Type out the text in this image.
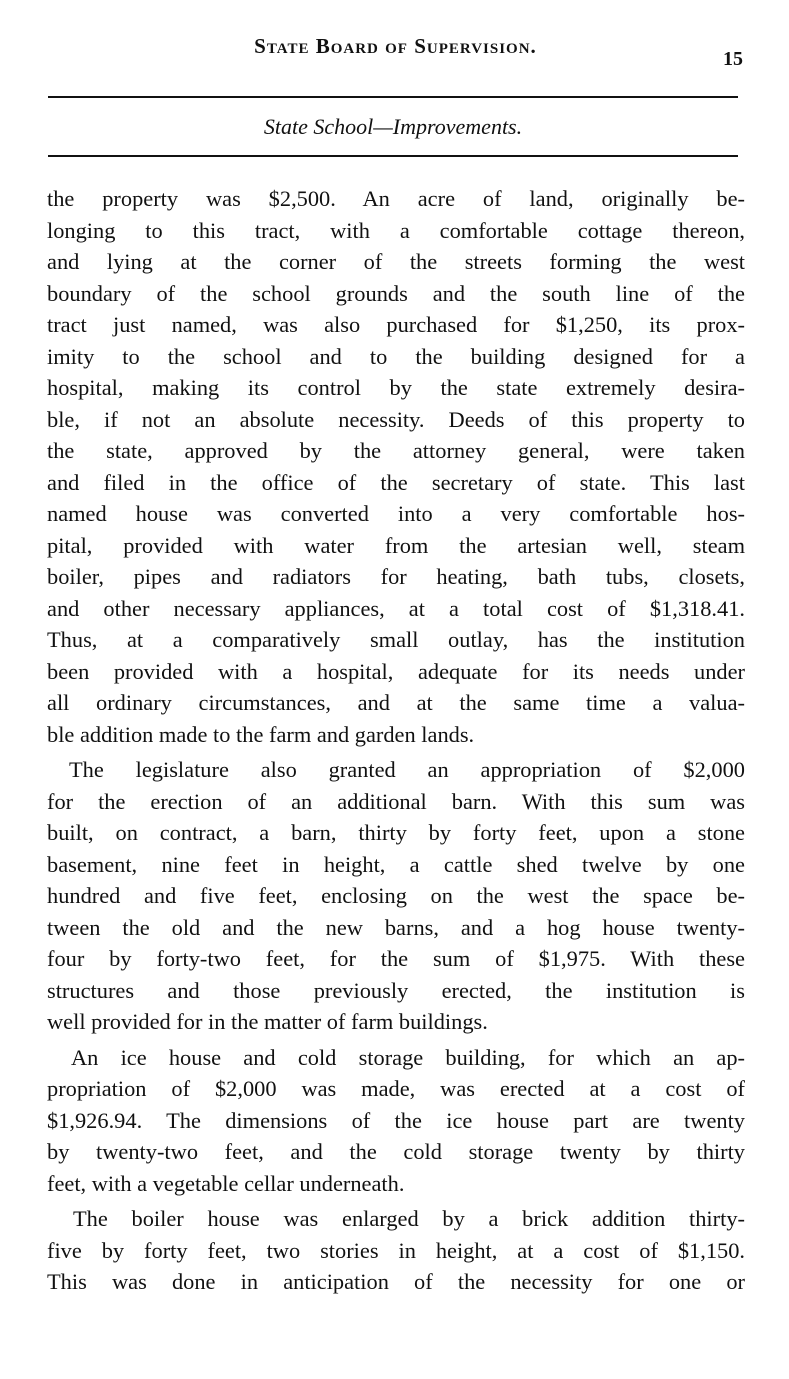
State Board of Supervision.
15
State School—Improvements.

the property was $2,500. An acre of land, originally be-

longing to this tract, with a comfortable cottage thereon,

and lying at the corner of the streets forming the west

boundary of the school grounds and the south line of the

tract just named, was also purchased for $1,250, its prox-

imity to the school and to the building designed for a

hospital, making its control by the state extremely desira-

ble, if not an absolute necessity. Deeds of this property to

the state, approved by the attorney general, were taken

and filed in the office of the secretary of state. This last

named house was converted into a very comfortable hos-

pital, provided with water from the artesian well, steam

boiler, pipes and radiators for heating, bath tubs, closets,

and other necessary appliances, at a total cost of $1,318.41.

Thus, at a comparatively small outlay, has the institution

been provided with a hospital, adequate for its needs under

all ordinary circumstances, and at the same time a valua-

ble addition made to the farm and garden lands.

The legislature also granted an appropriation of $2,000

for the erection of an additional barn. With this sum was

built, on contract, a barn, thirty by forty feet, upon a stone

basement, nine feet in height, a cattle shed twelve by one

hundred and five feet, enclosing on the west the space be-

tween the old and the new barns, and a hog house twenty-

four by forty-two feet, for the sum of $1,975. With these

structures and those previously erected, the institution is

well provided for in the matter of farm buildings.

An ice house and cold storage building, for which an ap-

propriation of $2,000 was made, was erected at a cost of

$1,926.94. The dimensions of the ice house part are twenty

by twenty-two feet, and the cold storage twenty by thirty

feet, with a vegetable cellar underneath.

The boiler house was enlarged by a brick addition thirty-

five by forty feet, two stories in height, at a cost of $1,150.

This was done in anticipation of the necessity for one or
